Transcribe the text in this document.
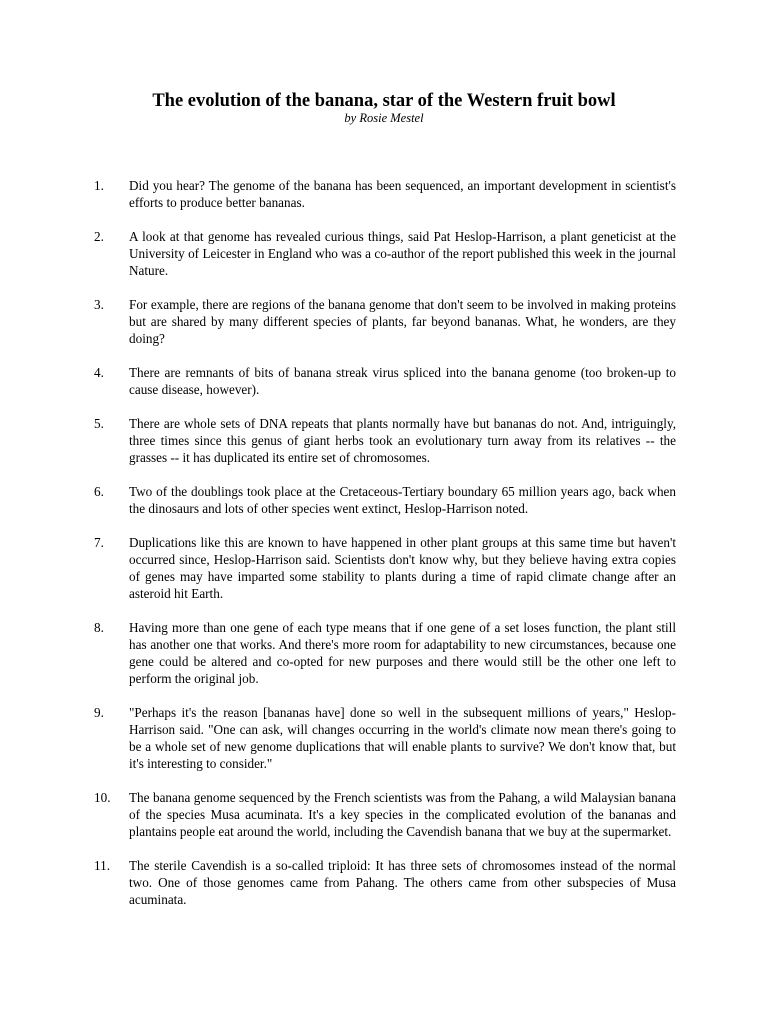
The evolution of the banana, star of the Western fruit bowl
by Rosie Mestel
1.	Did you hear? The genome of the banana has been sequenced, an important development in scientist's efforts to produce better bananas.
2.	A look at that genome has revealed curious things, said Pat Heslop-Harrison, a plant geneticist at the University of Leicester in England who was a co-author of the report published this week in the journal Nature.
3.	For example, there are regions of the banana genome that don't seem to be involved in making proteins but are shared by many different species of plants, far beyond bananas. What, he wonders, are they doing?
4.	There are remnants of bits of banana streak virus spliced into the banana genome (too broken-up to cause disease, however).
5.	There are whole sets of DNA repeats that plants normally have but bananas do not. And, intriguingly, three times since this genus of giant herbs took an evolutionary turn away from its relatives -- the grasses -- it has duplicated its entire set of chromosomes.
6.	Two of the doublings took place at the Cretaceous-Tertiary boundary 65 million years ago, back when the dinosaurs and lots of other species went extinct, Heslop-Harrison noted.
7.	Duplications like this are known to have happened in other plant groups at this same time but haven't occurred since, Heslop-Harrison said. Scientists don't know why, but they believe having extra copies of genes may have imparted some stability to plants during a time of rapid climate change after an asteroid hit Earth.
8.	Having more than one gene of each type means that if one gene of a set loses function, the plant still has another one that works. And there's more room for adaptability to new circumstances, because one gene could be altered and co-opted for new purposes and there would still be the other one left to perform the original job.
9.	"Perhaps it's the reason [bananas have] done so well in the subsequent millions of years," Heslop-Harrison said. "One can ask, will changes occurring in the world's climate now mean there's going to be a whole set of new genome duplications that will enable plants to survive? We don't know that, but it's interesting to consider."
10.	The banana genome sequenced by the French scientists was from the Pahang, a wild Malaysian banana of the species Musa acuminata. It's a key species in the complicated evolution of the bananas and plantains people eat around the world, including the Cavendish banana that we buy at the supermarket.
11.	The sterile Cavendish is a so-called triploid: It has three sets of chromosomes instead of the normal two. One of those genomes came from Pahang. The others came from other subspecies of Musa acuminata.
